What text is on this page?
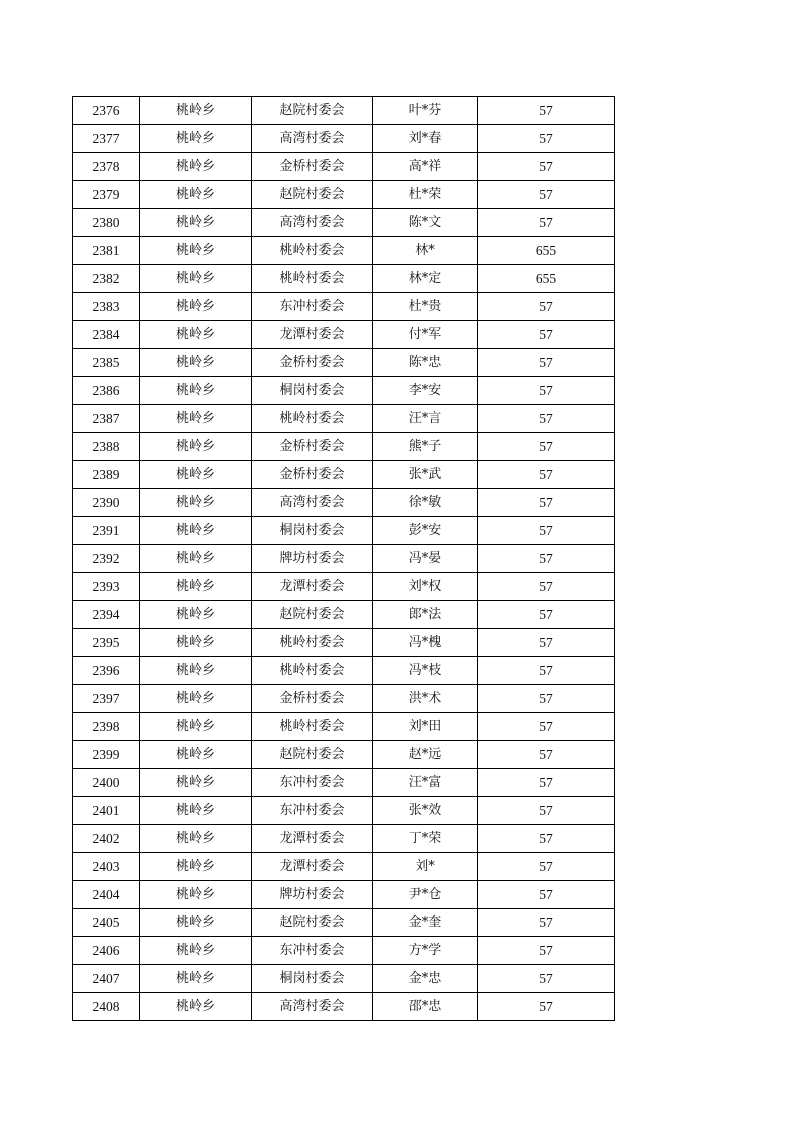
2376	桃岭乡	赵院村委会	叶*芬	57
2377	桃岭乡	高湾村委会	刘*春	57
2378	桃岭乡	金桥村委会	高*祥	57
2379	桃岭乡	赵院村委会	杜*荣	57
2380	桃岭乡	高湾村委会	陈*文	57
2381	桃岭乡	桃岭村委会	林*	655
2382	桃岭乡	桃岭村委会	林*定	655
2383	桃岭乡	东冲村委会	杜*贵	57
2384	桃岭乡	龙潭村委会	付*军	57
2385	桃岭乡	金桥村委会	陈*忠	57
2386	桃岭乡	桐岗村委会	李*安	57
2387	桃岭乡	桃岭村委会	汪*言	57
2388	桃岭乡	金桥村委会	熊*子	57
2389	桃岭乡	金桥村委会	张*武	57
2390	桃岭乡	高湾村委会	徐*敏	57
2391	桃岭乡	桐岗村委会	彭*安	57
2392	桃岭乡	牌坊村委会	冯*晏	57
2393	桃岭乡	龙潭村委会	刘*权	57
2394	桃岭乡	赵院村委会	郎*法	57
2395	桃岭乡	桃岭村委会	冯*槐	57
2396	桃岭乡	桃岭村委会	冯*枝	57
2397	桃岭乡	金桥村委会	洪*术	57
2398	桃岭乡	桃岭村委会	刘*田	57
2399	桃岭乡	赵院村委会	赵*远	57
2400	桃岭乡	东冲村委会	汪*富	57
2401	桃岭乡	东冲村委会	张*效	57
2402	桃岭乡	龙潭村委会	丁*荣	57
2403	桃岭乡	龙潭村委会	刘*	57
2404	桃岭乡	牌坊村委会	尹*仓	57
2405	桃岭乡	赵院村委会	金*奎	57
2406	桃岭乡	东冲村委会	方*学	57
2407	桃岭乡	桐岗村委会	金*忠	57
2408	桃岭乡	高湾村委会	邵*忠	57
